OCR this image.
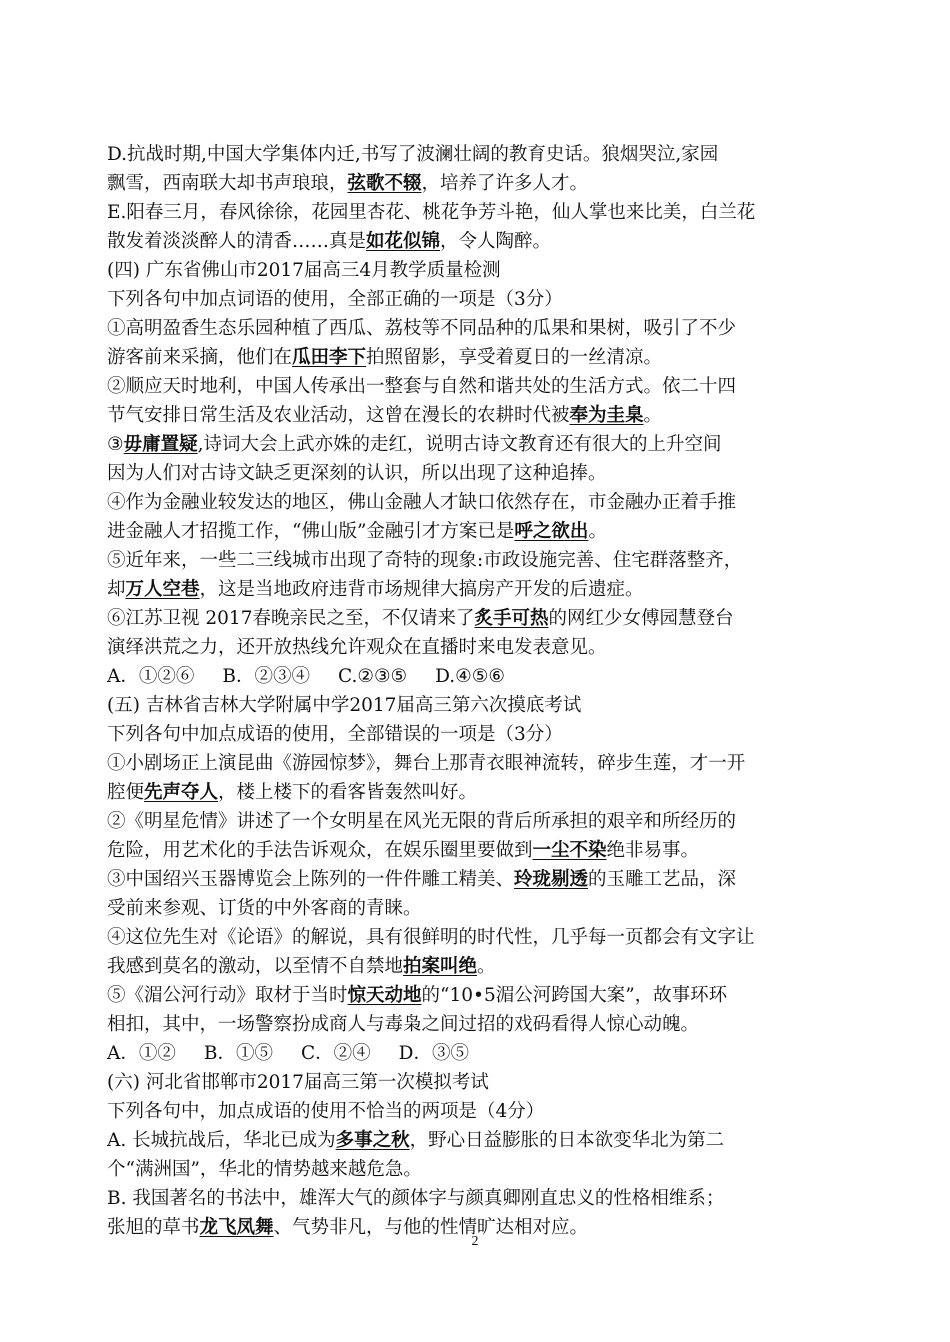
D.抗战时期,中国大学集体内迁,书写了波澜壮阔的教育史话。狼烟哭泣,家园
飘雪，西南联大却书声琅琅，弦歌不辍，培养了许多人才。
E.阳春三月，春风徐徐，花园里杏花、桃花争芳斗艳，仙人掌也来比美，白兰花
散发着淡淡醉人的清香……真是如花似锦，令人陶醉。
(四) 广东省佛山市2017届高三4月教学质量检测
下列各句中加点词语的使用，全部正确的一项是（3分）
①高明盈香生态乐园种植了西瓜、荔枝等不同品种的瓜果和果树，吸引了不少
游客前来采摘，他们在瓜田李下拍照留影，享受着夏日的一丝清凉。
②顺应天时地利，中国人传承出一整套与自然和谐共处的生活方式。依二十四
节气安排日常生活及农业活动，这曾在漫长的农耕时代被奉为圭臬。
③毋庸置疑,诗词大会上武亦姝的走红，说明古诗文教育还有很大的上升空间
因为人们对古诗文缺乏更深刻的认识，所以出现了这种追捧。
④作为金融业较发达的地区，佛山金融人才缺口依然存在，市金融办正着手推
进金融人才招揽工作，“佛山版”金融引才方案已是呼之欲出。
⑤近年来，一些二三线城市出现了奇特的现象:市政设施完善、住宅群落整齐，
却万人空巷，这是当地政府违背市场规律大搞房产开发的后遗症。
⑥江苏卫视 2017春晚亲民之至，不仅请来了炙手可热的网红少女傅园慧登台
演绎洪荒之力，还开放热线允许观众在直播时来电发表意见。
A．①②⑥ B．②③④ C.②③⑤ D.④⑤⑥
(五) 吉林省吉林大学附属中学2017届高三第六次摸底考试
下列各句中加点成语的使用，全部错误的一项是（3分）
①小剧场正上演昆曲《游园惊梦》，舞台上那青衣眼神流转，碎步生莲，才一开
腔便先声夺人，楼上楼下的看客皆轰然叫好。
②《明星危情》讲述了一个女明星在风光无限的背后所承担的艰辛和所经历的
危险，用艺术化的手法告诉观众，在娱乐圈里要做到一尘不染绝非易事。
③中国绍兴玉器博览会上陈列的一件件雕工精美、玲珑剔透的玉雕工艺品，深
受前来参观、订货的中外客商的青睐。
④这位先生对《论语》的解说，具有很鲜明的时代性，几乎每一页都会有文字让
我感到莫名的激动，以至情不自禁地拍案叫绝。
⑤《湄公河行动》取材于当时惊天动地的“10•5湄公河跨国大案”，故事环环
相扣，其中，一场警察扮成商人与毒枭之间过招的戏码看得人惊心动魄。
A．①② B．①⑤ C．②④ D．③⑤
(六) 河北省邯郸市2017届高三第一次模拟考试
下列各句中，加点成语的使用不恰当的两项是（4分）
A. 长城抗战后，华北已成为多事之秋，野心日益膨胀的日本欲变华北为第二
个“满洲国”，华北的情势越来越危急。
B. 我国著名的书法中，雄浑大气的颜体字与颜真卿刚直忠义的性格相维系；
张旭的草书龙飞凤舞、气势非凡，与他的性情旷达相对应。
2
